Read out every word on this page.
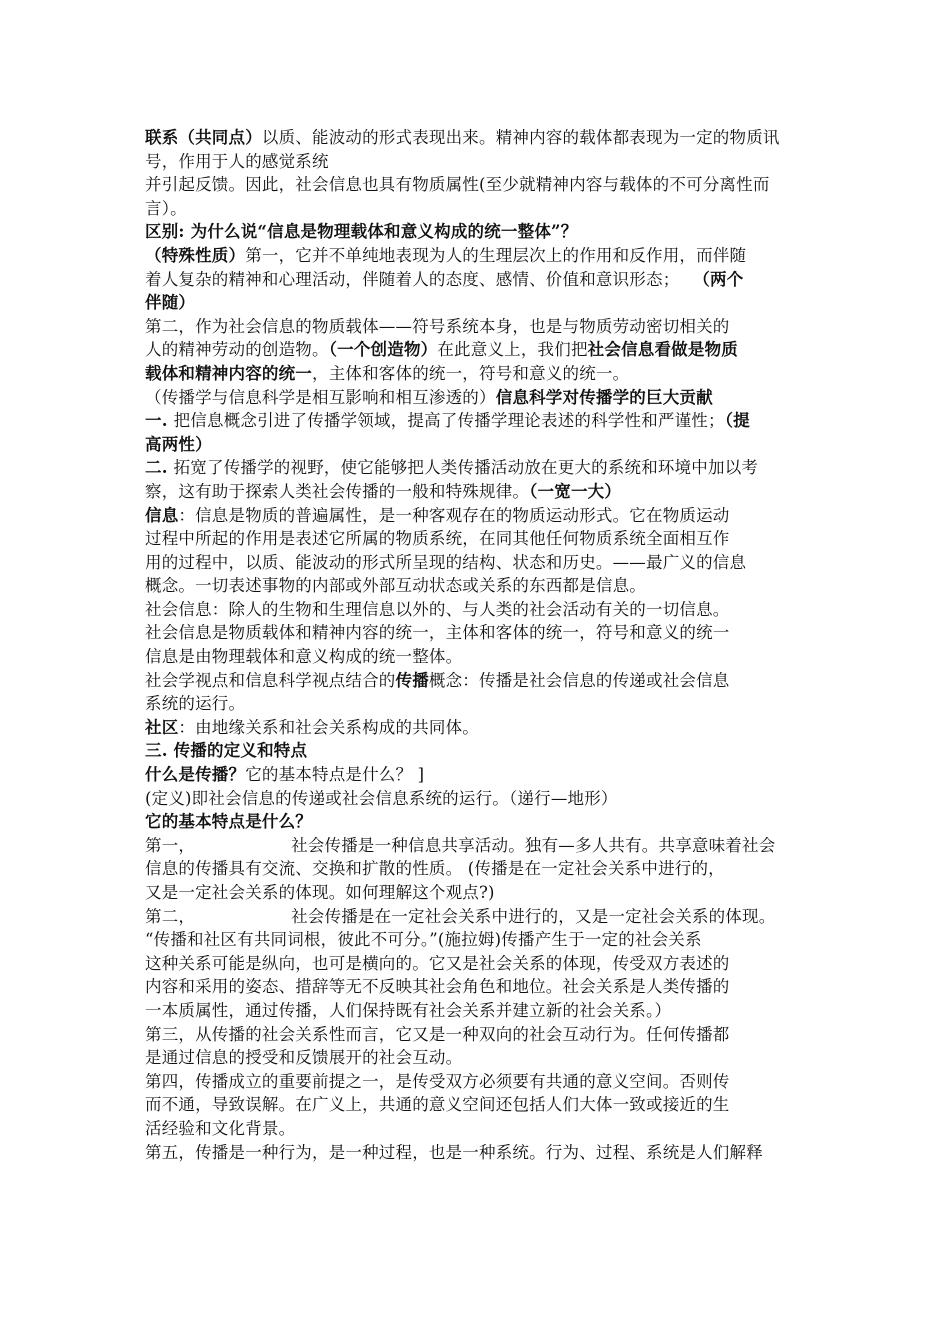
联系（共同点）以质、能波动的形式表现出来。精神内容的载体都表现为一定的物质讯
号，作用于人的感觉系统
并引起反馈。因此，社会信息也具有物质属性(至少就精神内容与载体的不可分离性而
言）。
区别: 为什么说“信息是物理载体和意义构成的统一整体”？
（特殊性质）第一，它并不单纯地表现为人的生理层次上的作用和反作用，而伴随
着人复杂的精神和心理活动，伴随着人的态度、感情、价值和意识形态；　 （两个
伴随）
第二，作为社会信息的物质载体——符号系统本身，也是与物质劳动密切相关的
人的精神劳动的创造物。（一个创造物）在此意义上，我们把社会信息看做是物质
载体和精神内容的统一，主体和客体的统一，符号和意义的统一。
（传播学与信息科学是相互影响和相互渗透的）信息科学对传播学的巨大贡献
一. 把信息概念引进了传播学领域，提高了传播学理论表述的科学性和严谨性；（提
高两性）
二. 拓宽了传播学的视野，使它能够把人类传播活动放在更大的系统和环境中加以考
察，这有助于探索人类社会传播的一般和特殊规律。（一宽一大）
信息：信息是物质的普遍属性，是一种客观存在的物质运动形式。它在物质运动
过程中所起的作用是表述它所属的物质系统，在同其他任何物质系统全面相互作
用的过程中，以质、能波动的形式所呈现的结构、状态和历史。——最广义的信息
概念。一切表述事物的内部或外部互动状态或关系的东西都是信息。
社会信息：除人的生物和生理信息以外的、与人类的社会活动有关的一切信息。
社会信息是物质载体和精神内容的统一，主体和客体的统一，符号和意义的统一
信息是由物理载体和意义构成的统一整体。
社会学视点和信息科学视点结合的传播概念：传播是社会信息的传递或社会信息
系统的运行。
社区：由地缘关系和社会关系构成的共同体。
三. 传播的定义和特点
什么是传播？它的基本特点是什么？ ]
(定义)即社会信息的传递或社会信息系统的运行。（递行—地形）
它的基本特点是什么？
第一，	社会传播是一种信息共享活动。独有—多人共有。共享意味着社会
信息的传播具有交流、交换和扩散的性质。 (传播是在一定社会关系中进行的，
又是一定社会关系的体现。如何理解这个观点?)
第二，	社会传播是在一定社会关系中进行的，又是一定社会关系的体现。
“传播和社区有共同词根，彼此不可分。”(施拉姆)传播产生于一定的社会关系
这种关系可能是纵向，也可是横向的。它又是社会关系的体现，传受双方表述的
内容和采用的姿态、措辞等无不反映其社会角色和地位。社会关系是人类传播的
一本质属性，通过传播，人们保持既有社会关系并建立新的社会关系。）
第三，从传播的社会关系性而言，它又是一种双向的社会互动行为。任何传播都
是通过信息的授受和反馈展开的社会互动。
第四，传播成立的重要前提之一，是传受双方必须要有共通的意义空间。否则传
而不通，导致误解。在广义上，共通的意义空间还包括人们大体一致或接近的生
活经验和文化背景。
第五，传播是一种行为，是一种过程，也是一种系统。行为、过程、系统是人们解释
